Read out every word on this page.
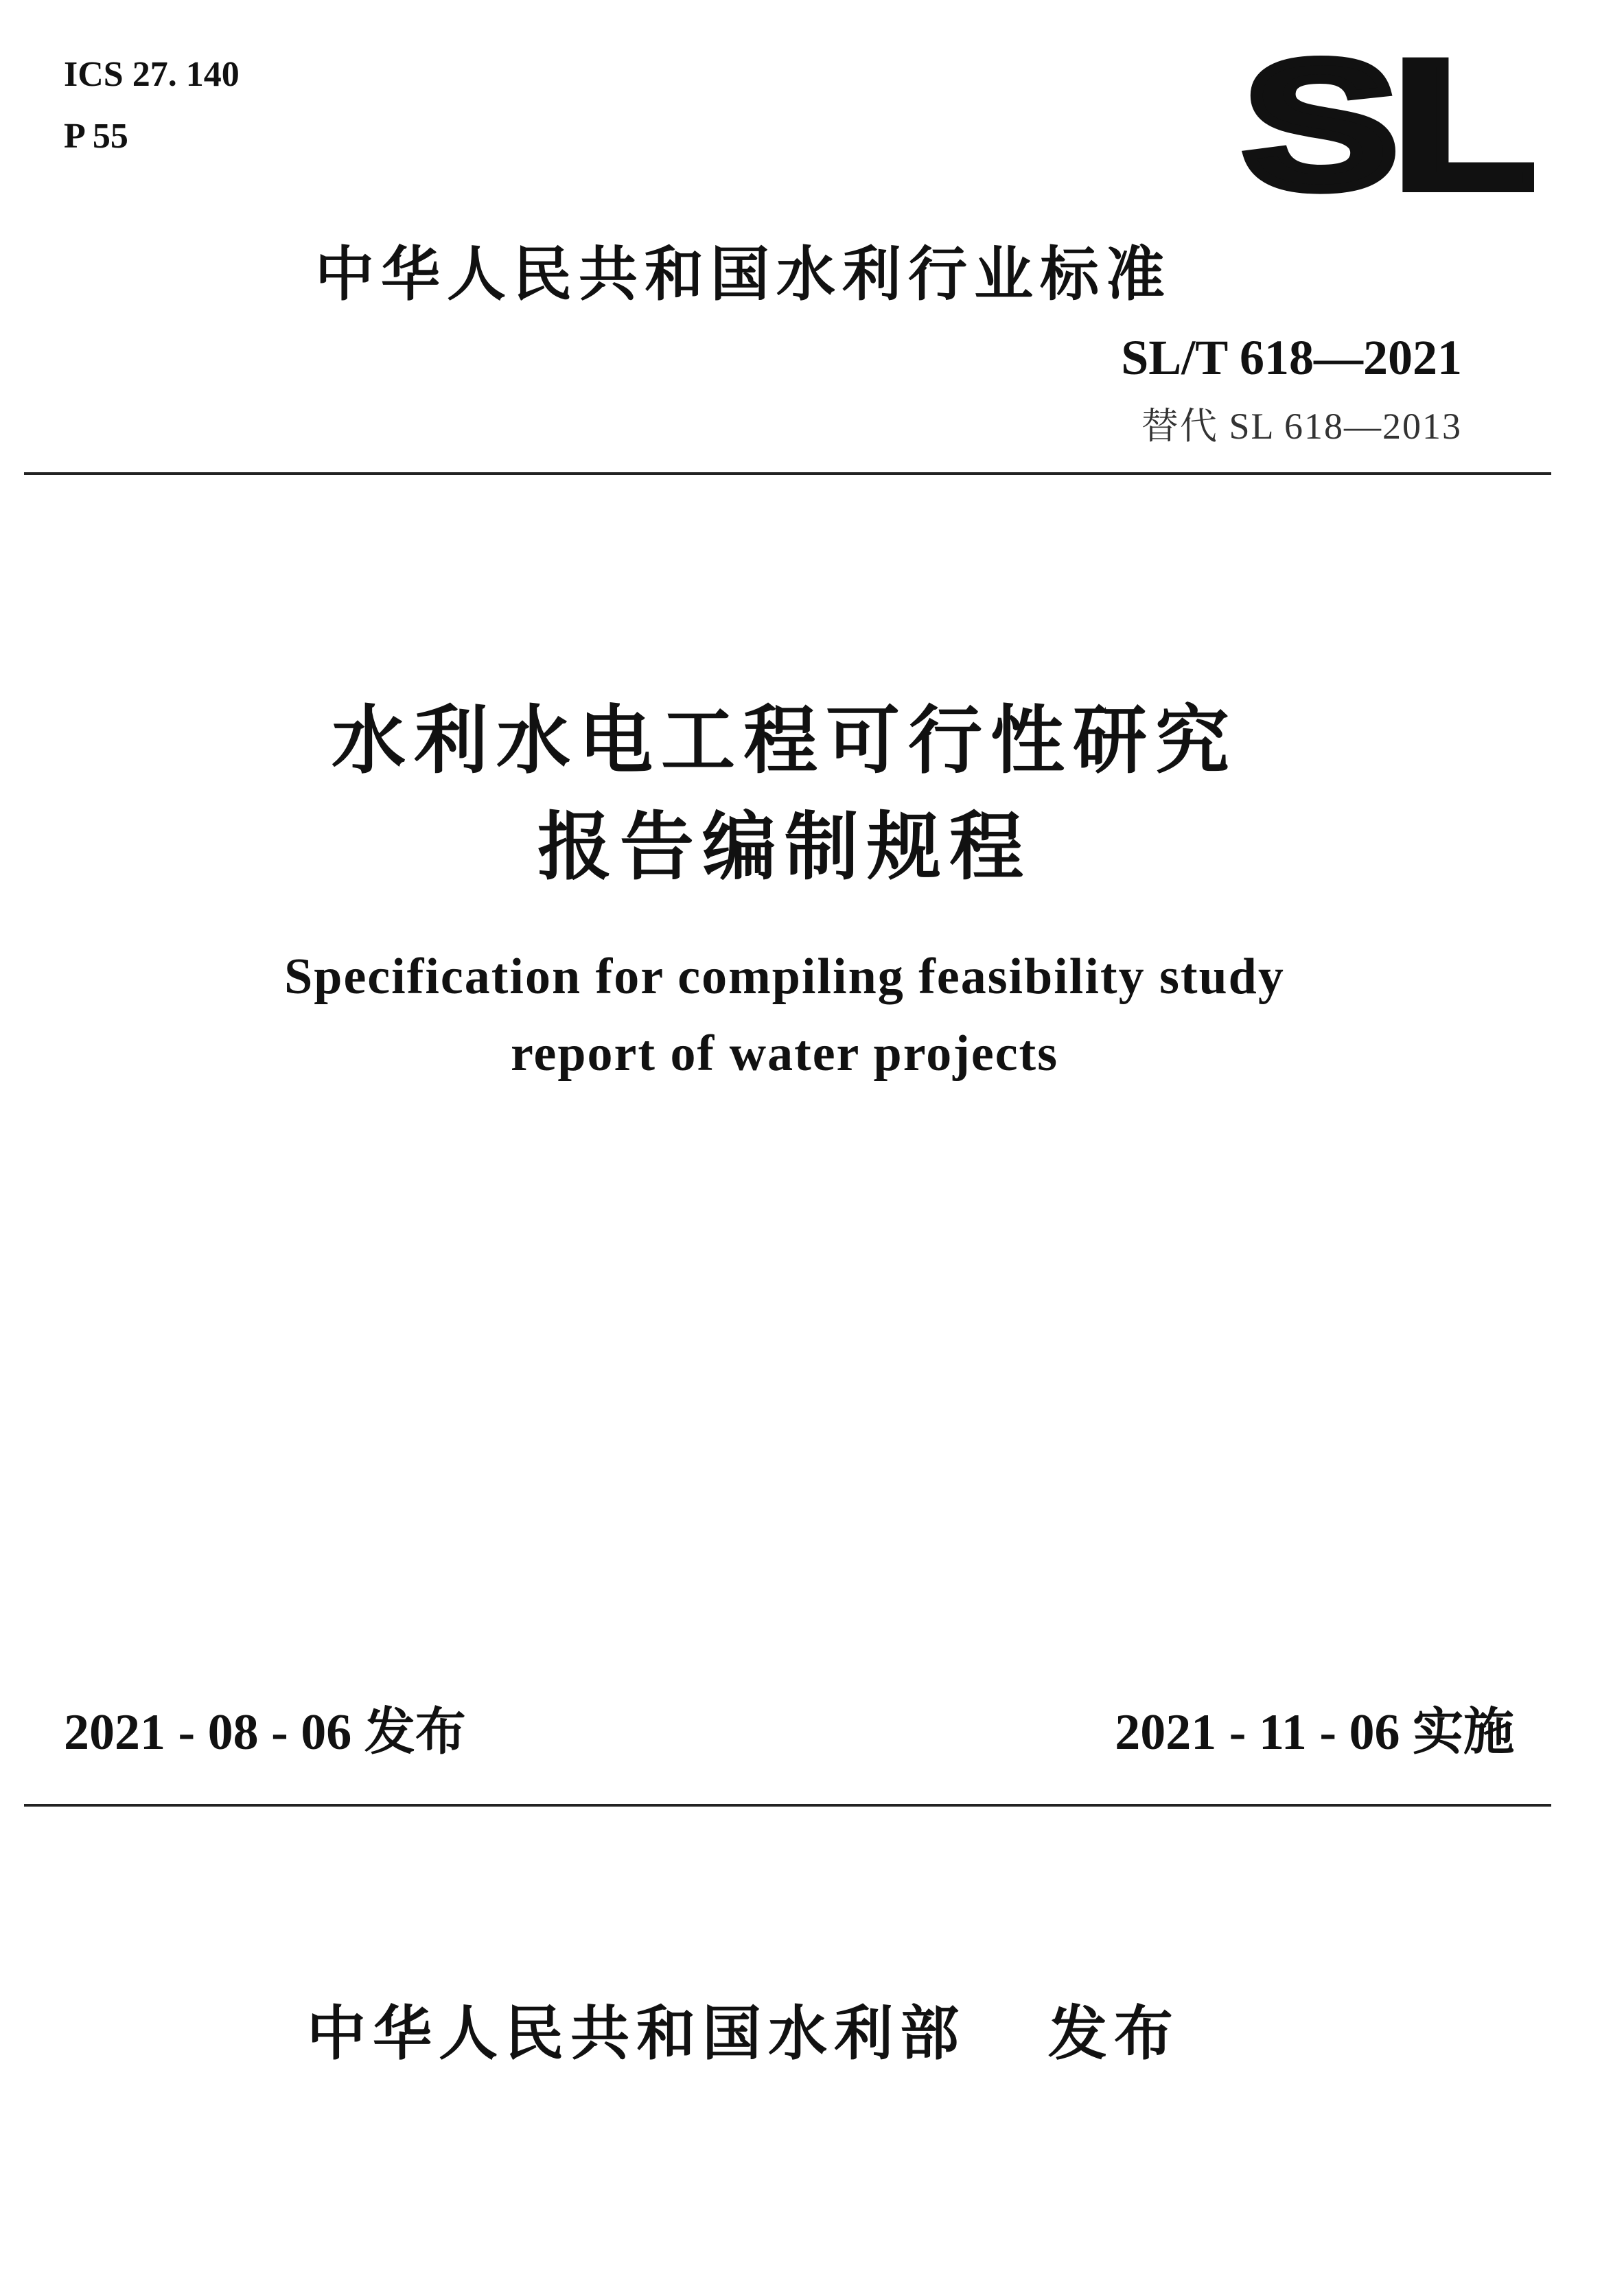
ICS 27. 140
P 55	SL
中华人民共和国水利行业标准
SL/T 618—2021
替代 SL 618—2013
水利水电工程可行性研究
报告编制规程
Specification for compiling feasibility study
report of water projects
2021 - 08 - 06 发布	2021 - 11 - 06 实施
中华人民共和国水利部 发布
